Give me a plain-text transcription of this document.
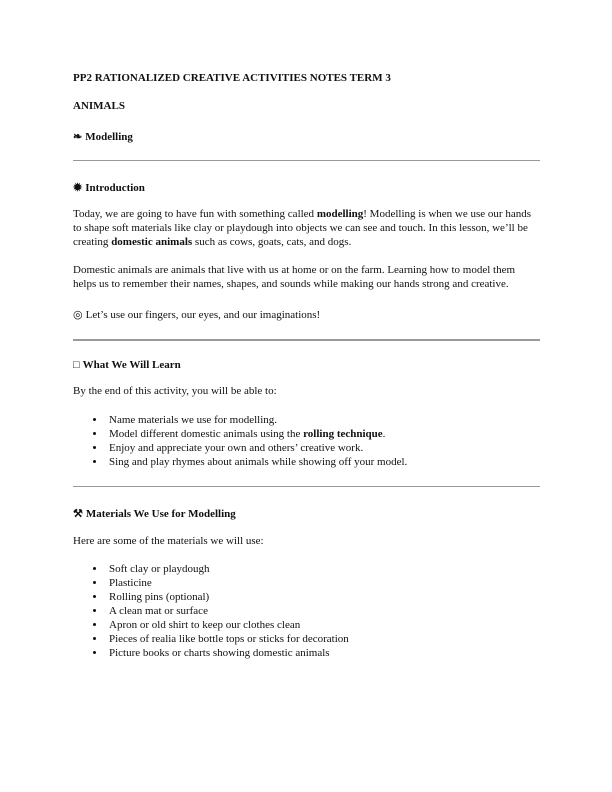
PP2 RATIONALIZED CREATIVE ACTIVITIES NOTES TERM 3

ANIMALS

❧ Modelling

✹ Introduction

Today, we are going to have fun with something called modelling! Modelling is when we use our hands to shape soft materials like clay or playdough into objects we can see and touch. In this lesson, we’ll be creating domestic animals such as cows, goats, cats, and dogs.

Domestic animals are animals that live with us at home or on the farm. Learning how to model them helps us to remember their names, shapes, and sounds while making our hands strong and creative.

◎ Let’s use our fingers, our eyes, and our imaginations!

□ What We Will Learn

By the end of this activity, you will be able to:

• Name materials we use for modelling.
• Model different domestic animals using the rolling technique.
• Enjoy and appreciate your own and others’ creative work.
• Sing and play rhymes about animals while showing off your model.

⚒ Materials We Use for Modelling

Here are some of the materials we will use:

• Soft clay or playdough
• Plasticine
• Rolling pins (optional)
• A clean mat or surface
• Apron or old shirt to keep our clothes clean
• Pieces of realia like bottle tops or sticks for decoration
• Picture books or charts showing domestic animals
